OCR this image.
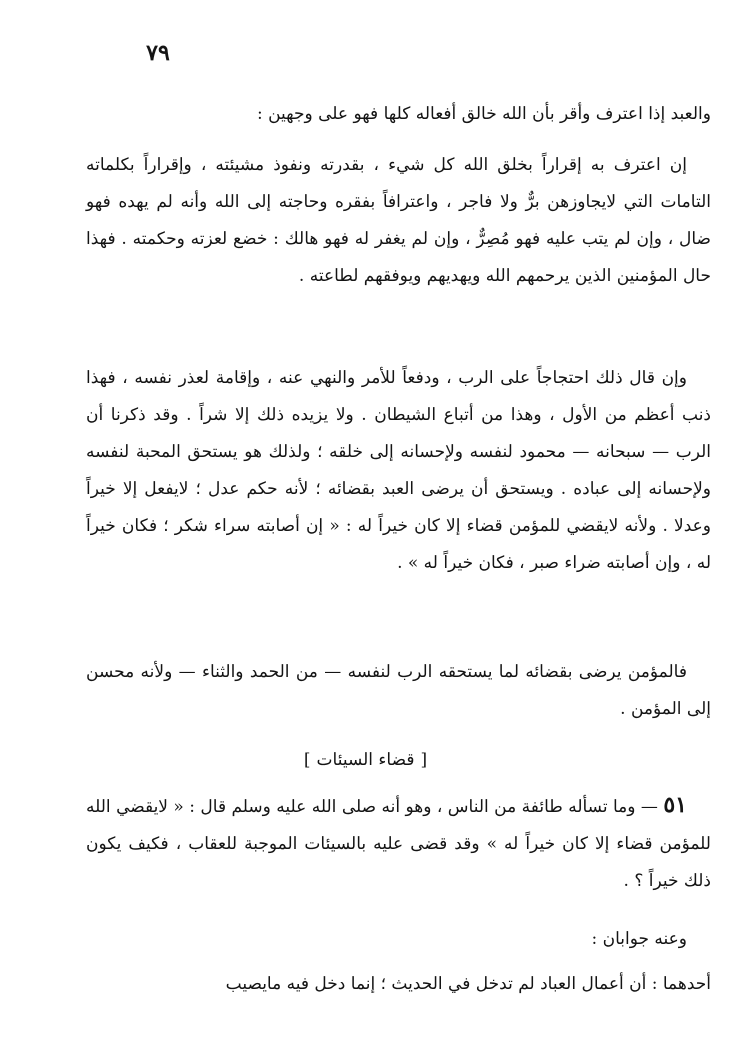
٧٩

والعبد إذا اعترف وأقر بأن الله خالق أفعاله كلها فهو على وجهين :

إن اعترف به إقراراً بخلق الله كل شيء ، بقدرته ونفوذ مشيئته ، وإقراراً بكلماته التامات التي لايجاوزهن برٌّ ولا فاجر ، واعترافاً بفقره وحاجته إلى الله وأنه لم يهده فهو ضال ، وإن لم يتب عليه فهو مُصِرٌّ ، وإن لم يغفر له فهو هالك : خضع لعزته وحكمته . فهذا حال المؤمنين الذين يرحمهم الله ويهديهم ويوفقهم لطاعته .

وإن قال ذلك احتجاجاً على الرب ، ودفعاً للأمر والنهي عنه ، وإقامة لعذر نفسه ، فهذا ذنب أعظم من الأول ، وهذا من أتباع الشيطان . ولا يزيده ذلك إلا شراً . وقد ذكرنا أن الرب — سبحانه — محمود لنفسه ولإحسانه إلى خلقه ؛ ولذلك هو يستحق المحبة لنفسه ولإحسانه إلى عباده . ويستحق أن يرضى العبد بقضائه ؛ لأنه حكم عدل ؛ لايفعل إلا خيراً وعدلا . ولأنه لايقضي للمؤمن قضاء إلا كان خيراً له : « إن أصابته سراء شكر ؛ فكان خيراً له ، وإن أصابته ضراء صبر ، فكان خيراً له » .

فالمؤمن يرضى بقضائه لما يستحقه الرب لنفسه — من الحمد والثناء — ولأنه محسن إلى المؤمن .

[قضاء السيئات]

٥١ — وما تسأله طائفة من الناس ، وهو أنه صلى الله عليه وسلم قال : « لايقضي الله للمؤمن قضاء إلا كان خيراً له » وقد قضى عليه بالسيئات الموجبة للعقاب ، فكيف يكون ذلك خيراً ؟ .

وعنه جوابان :

أحدهما : أن أعمال العباد لم تدخل في الحديث ؛ إنما دخل فيه مايصيب
